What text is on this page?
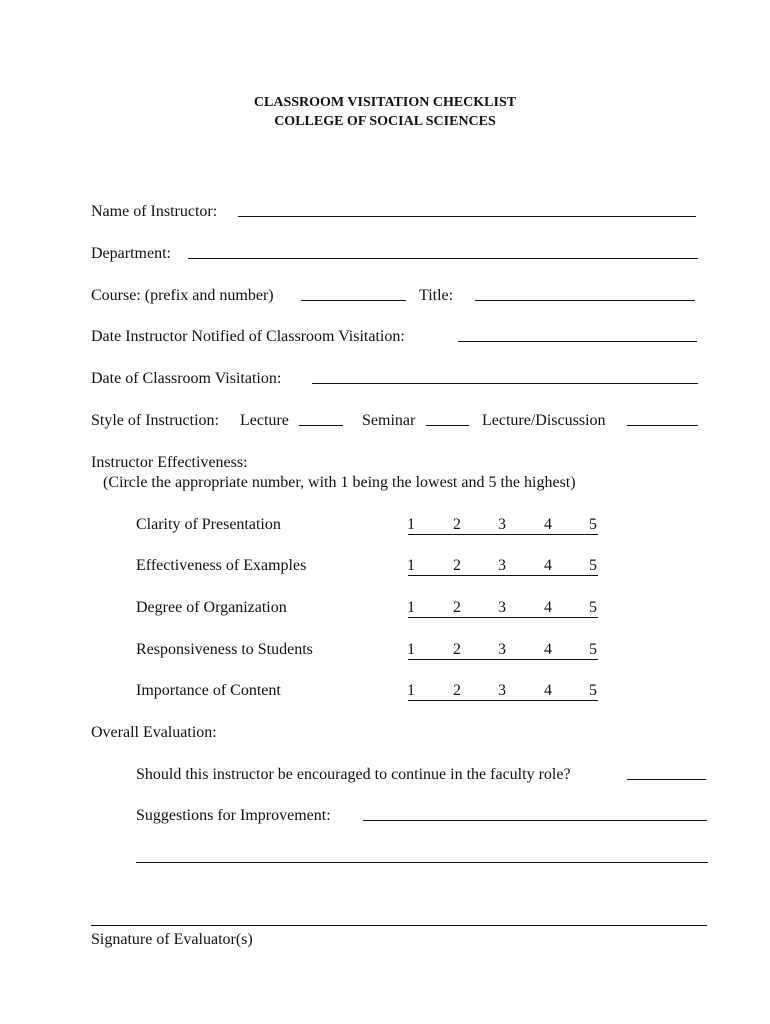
CLASSROOM VISITATION CHECKLIST
COLLEGE OF SOCIAL SCIENCES
Name of Instructor:
Department:
Course: (prefix and number)	Title:
Date Instructor Notified of Classroom Visitation:
Date of Classroom Visitation:
Style of Instruction: Lecture	Seminar	Lecture/Discussion
Instructor Effectiveness:
(Circle the appropriate number, with 1 being the lowest and 5 the highest)
Clarity of Presentation	1 2 3 4 5
Effectiveness of Examples	1 2 3 4 5
Degree of Organization	1 2 3 4 5
Responsiveness to Students	1 2 3 4 5
Importance of Content	1 2 3 4 5
Overall Evaluation:
Should this instructor be encouraged to continue in the faculty role?
Suggestions for Improvement:
Signature of Evaluator(s)
